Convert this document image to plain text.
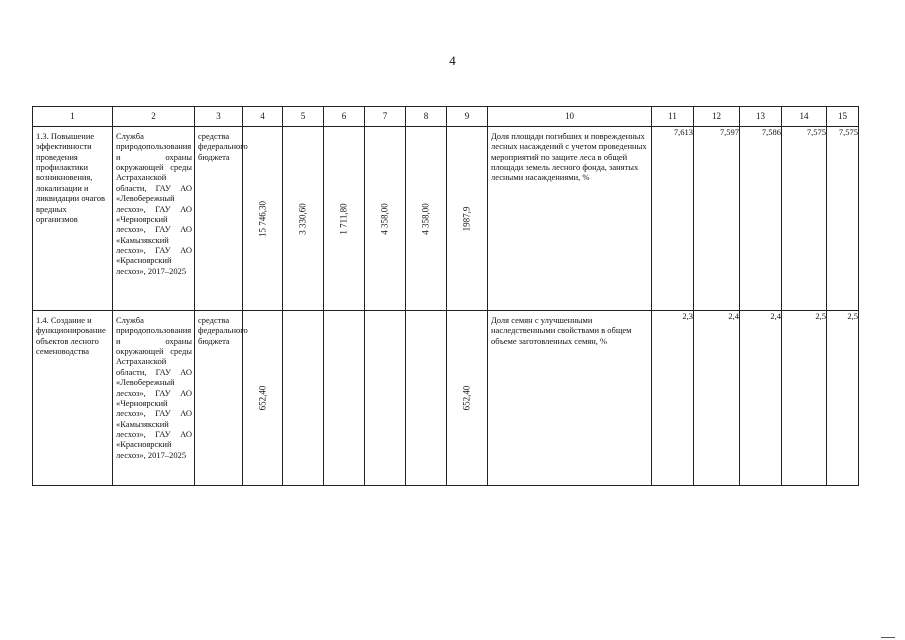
4
1	2	3	4	5	6	7	8	9	10	11	12	13	14	15

1.3. Повышение эффективности проведения профилактики возникновения, локализации и ликвидации очагов вредных организмов	Служба природопользования и охраны окружающей среды Астраханской области, ГАУ АО «Левобережный лесхоз», ГАУ АО «Черноярский лесхоз», ГАУ АО «Камызякский лесхоз», ГАУ АО «Красноярский лесхоз», 2017–2025	средства федерального бюджета	15 746,30	3 330,60	1 711,80	4 358,00	4 358,00	1987,9	Доля площади погибших и поврежденных лесных насаждений с учетом проведенных мероприятий по защите леса в общей площади земель лесного фонда, занятых лесными насаждениями, %	7,613	7,597	7,586	7,575	7,575

1.4. Создание и функционирование объектов лесного семеноводства	Служба природопользования и охраны окружающей среды Астраханской области, ГАУ АО «Левобережный лесхоз», ГАУ АО «Черноярский лесхоз», ГАУ АО «Камызякский лесхоз», ГАУ АО «Красноярский лесхоз», 2017–2025	средства федерального бюджета	652,40					652,40	Доля семян с улучшенными наследственными свойствами в общем объеме заготовленных семян, %	2,3	2,4	2,4	2,5	2,5
